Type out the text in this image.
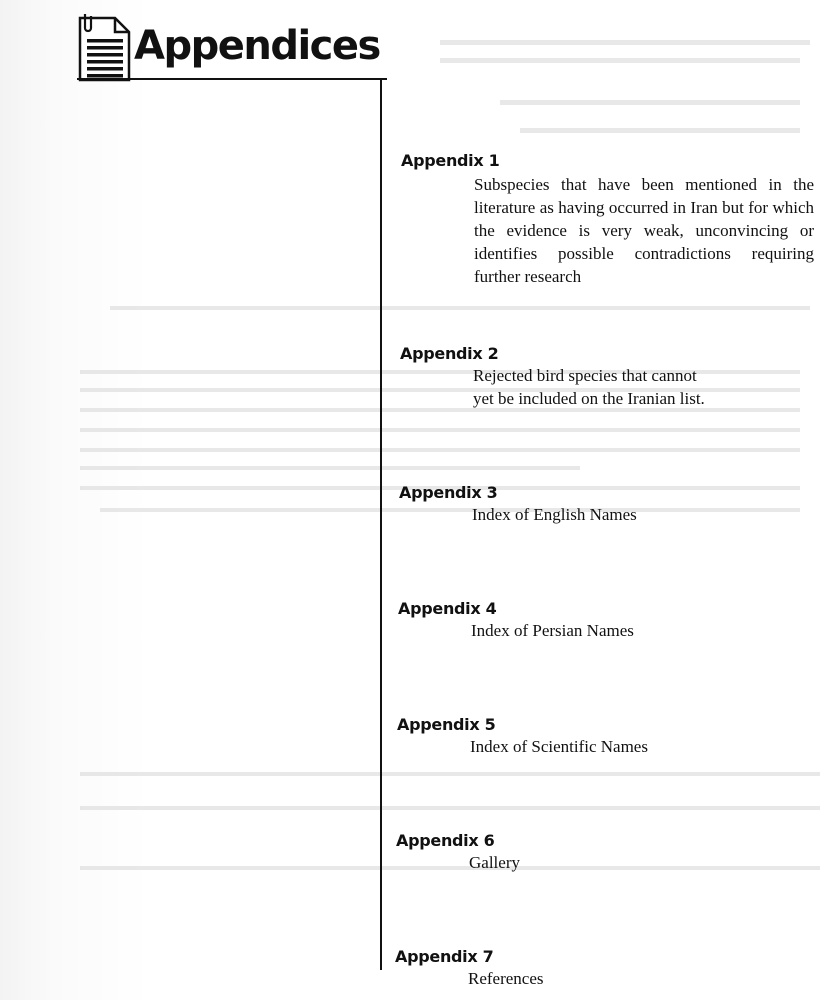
Appendices
Appendix 1
Subspecies that have been mentioned in the literature as having occurred in Iran but for which the evidence is very weak, unconvincing or identifies possible contradictions requiring further research
Appendix 2
Rejected bird species that cannot
yet be included on the Iranian list.
Appendix 3
Index of English Names
Appendix 4
Index of Persian Names
Appendix 5
Index of Scientific Names
Appendix 6
Gallery
Appendix 7
References
